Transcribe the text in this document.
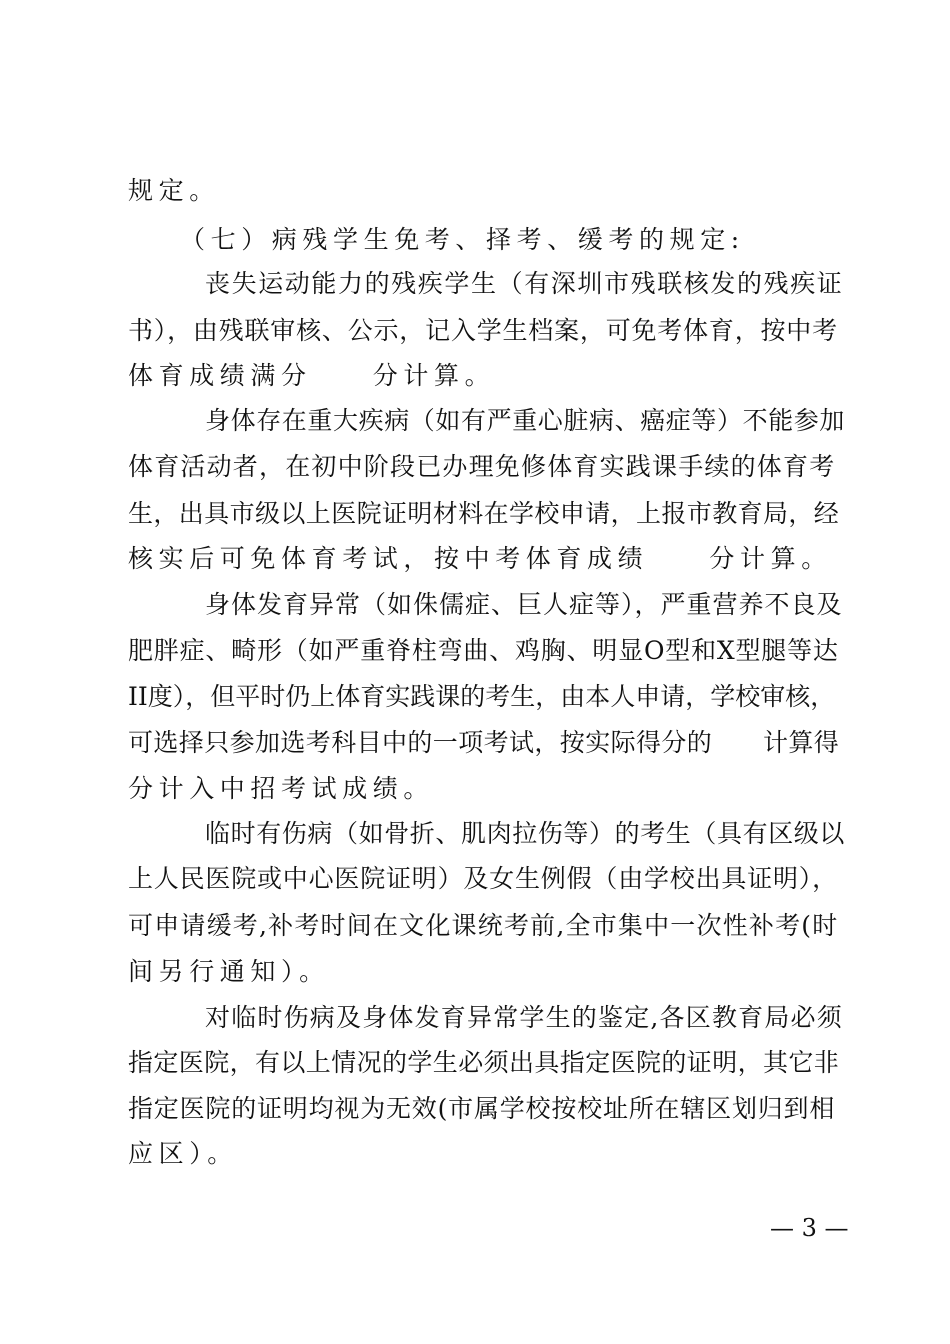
规定。
（七）病残学生免考、择考、缓考的规定:
丧失运动能力的残疾学生（有深圳市残联核发的残疾证
书），由残联审核、公示，记入学生档案，可免考体育，按中考
体育成绩满分　　分计算。
身体存在重大疾病（如有严重心脏病、癌症等）不能参加
体育活动者，在初中阶段已办理免修体育实践课手续的体育考
生，出具市级以上医院证明材料在学校申请，上报市教育局，经
核实后可免体育考试，按中考体育成绩　　分计算。
身体发育异常（如侏儒症、巨人症等），严重营养不良及
肥胖症、畸形（如严重脊柱弯曲、鸡胸、明显O型和X型腿等达
II度），但平时仍上体育实践课的考生，由本人申请，学校审核，
可选择只参加选考科目中的一项考试，按实际得分的　　计算得
分计入中招考试成绩。
临时有伤病（如骨折、肌肉拉伤等）的考生（具有区级以
上人民医院或中心医院证明）及女生例假（由学校出具证明），
可申请缓考,补考时间在文化课统考前,全市集中一次性补考(时
间另行通知）。
对临时伤病及身体发育异常学生的鉴定,各区教育局必须
指定医院，有以上情况的学生必须出具指定医院的证明，其它非
指定医院的证明均视为无效(市属学校按校址所在辖区划归到相
应区）。
— 3 —
